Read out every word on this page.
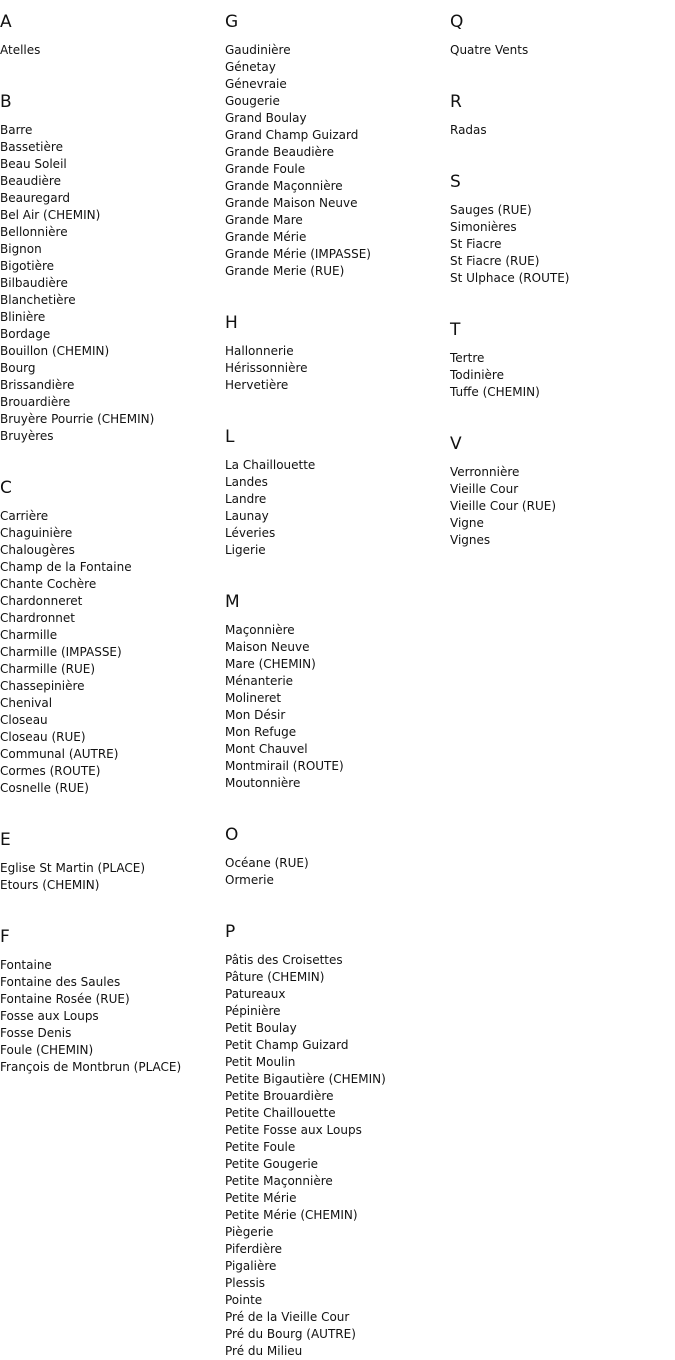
A
Atelles
B
Barre
Bassetière
Beau Soleil
Beaudière
Beauregard
Bel Air (CHEMIN)
Bellonnière
Bignon
Bigotière
Bilbaudière
Blanchetière
Blinière
Bordage
Bouillon (CHEMIN)
Bourg
Brissandière
Brouardière
Bruyère Pourrie (CHEMIN)
Bruyères
C
Carrière
Chaguinière
Chalougères
Champ de la Fontaine
Chante Cochère
Chardonneret
Chardronnet
Charmille
Charmille (IMPASSE)
Charmille (RUE)
Chassepinière
Chenival
Closeau
Closeau (RUE)
Communal (AUTRE)
Cormes (ROUTE)
Cosnelle (RUE)
E
Eglise St Martin (PLACE)
Etours (CHEMIN)
F
Fontaine
Fontaine des Saules
Fontaine Rosée (RUE)
Fosse aux Loups
Fosse Denis
Foule (CHEMIN)
François de Montbrun (PLACE)
G
Gaudinière
Génetay
Génevraie
Gougerie
Grand Boulay
Grand Champ Guizard
Grande Beaudière
Grande Foule
Grande Maçonnière
Grande Maison Neuve
Grande Mare
Grande Mérie
Grande Mérie (IMPASSE)
Grande Merie (RUE)
H
Hallonnerie
Hérissonnière
Hervetière
L
La Chaillouette
Landes
Landre
Launay
Léveries
Ligerie
M
Maçonnière
Maison Neuve
Mare (CHEMIN)
Ménanterie
Molineret
Mon Désir
Mon Refuge
Mont Chauvel
Montmirail (ROUTE)
Moutonnière
O
Océane (RUE)
Ormerie
P
Pâtis des Croisettes
Pâture (CHEMIN)
Patureaux
Pépinière
Petit Boulay
Petit Champ Guizard
Petit Moulin
Petite Bigautière (CHEMIN)
Petite Brouardière
Petite Chaillouette
Petite Fosse aux Loups
Petite Foule
Petite Gougerie
Petite Maçonnière
Petite Mérie
Petite Mérie (CHEMIN)
Piègerie
Piferdière
Pigalière
Plessis
Pointe
Pré de la Vieille Cour
Pré du Bourg (AUTRE)
Pré du Milieu
Q
Quatre Vents
R
Radas
S
Sauges (RUE)
Simonières
St Fiacre
St Fiacre (RUE)
St Ulphace (ROUTE)
T
Tertre
Todinière
Tuffe (CHEMIN)
V
Verronnière
Vieille Cour
Vieille Cour (RUE)
Vigne
Vignes
